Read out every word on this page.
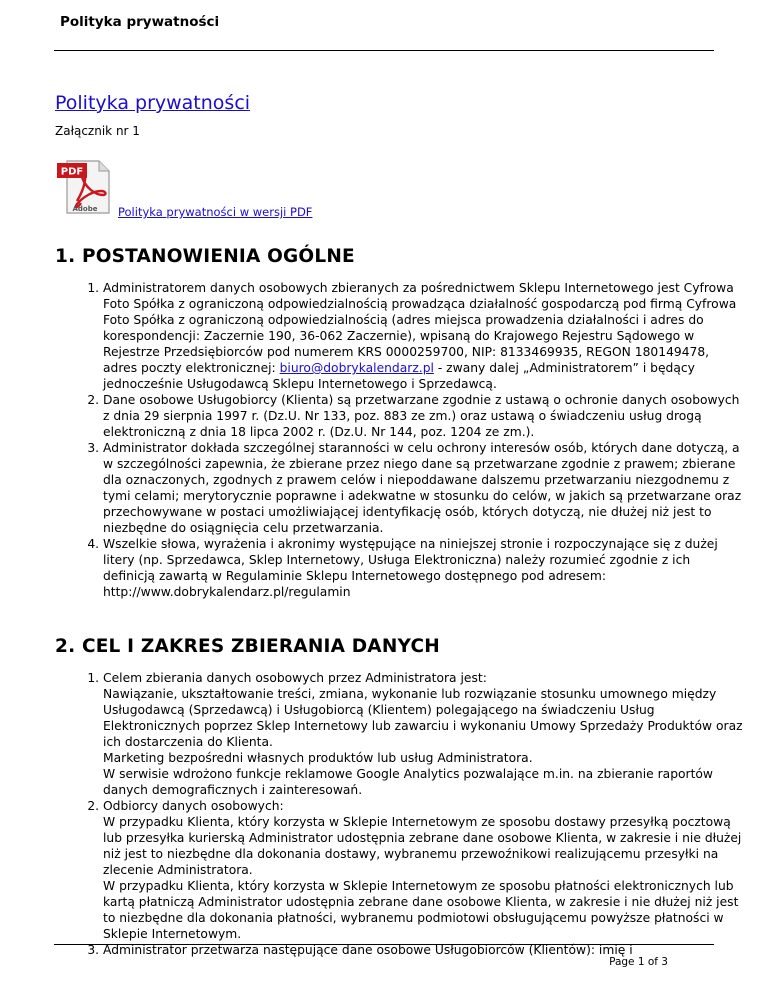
Polityka prywatności
Polityka prywatności
Załącznik nr 1
PDF
Adobe Polityka prywatności w wersji PDF
1. POSTANOWIENIA OGÓLNE
1. Administratorem danych osobowych zbieranych za pośrednictwem Sklepu Internetowego jest Cyfrowa Foto Spółka z ograniczoną odpowiedzialnością prowadząca działalność gospodarczą pod firmą Cyfrowa Foto Spółka z ograniczoną odpowiedzialnością (adres miejsca prowadzenia działalności i adres do korespondencji: Zaczernie 190, 36-062 Zaczernie), wpisaną do Krajowego Rejestru Sądowego w Rejestrze Przedsiębiorców pod numerem KRS 0000259700, NIP: 8133469935, REGON 180149478, adres poczty elektronicznej: biuro@dobrykalendarz.pl - zwany dalej „Administratorem” i będący jednocześnie Usługodawcą Sklepu Internetowego i Sprzedawcą.
2. Dane osobowe Usługobiorcy (Klienta) są przetwarzane zgodnie z ustawą o ochronie danych osobowych z dnia 29 sierpnia 1997 r. (Dz.U. Nr 133, poz. 883 ze zm.) oraz ustawą o świadczeniu usług drogą elektroniczną z dnia 18 lipca 2002 r. (Dz.U. Nr 144, poz. 1204 ze zm.).
3. Administrator dokłada szczególnej staranności w celu ochrony interesów osób, których dane dotyczą, a w szczególności zapewnia, że zbierane przez niego dane są przetwarzane zgodnie z prawem; zbierane dla oznaczonych, zgodnych z prawem celów i niepoddawane dalszemu przetwarzaniu niezgodnemu z tymi celami; merytorycznie poprawne i adekwatne w stosunku do celów, w jakich są przetwarzane oraz przechowywane w postaci umożliwiającej identyfikację osób, których dotyczą, nie dłużej niż jest to niezbędne do osiągnięcia celu przetwarzania.
4. Wszelkie słowa, wyrażenia i akronimy występujące na niniejszej stronie i rozpoczynające się z dużej litery (np. Sprzedawca, Sklep Internetowy, Usługa Elektroniczna) należy rozumieć zgodnie z ich definicją zawartą w Regulaminie Sklepu Internetowego dostępnego pod adresem: http://www.dobrykalendarz.pl/regulamin
2. CEL I ZAKRES ZBIERANIA DANYCH
1. Celem zbierania danych osobowych przez Administratora jest:
Nawiązanie, ukształtowanie treści, zmiana, wykonanie lub rozwiązanie stosunku umownego między Usługodawcą (Sprzedawcą) i Usługobiorcą (Klientem) polegającego na świadczeniu Usług Elektronicznych poprzez Sklep Internetowy lub zawarciu i wykonaniu Umowy Sprzedaży Produktów oraz ich dostarczenia do Klienta.
Marketing bezpośredni własnych produktów lub usług Administratora.
W serwisie wdrożono funkcje reklamowe Google Analytics pozwalające m.in. na zbieranie raportów danych demograficznych i zainteresowań.
2. Odbiorcy danych osobowych:
W przypadku Klienta, który korzysta w Sklepie Internetowym ze sposobu dostawy przesyłką pocztową lub przesyłka kurierską Administrator udostępnia zebrane dane osobowe Klienta, w zakresie i nie dłużej niż jest to niezbędne dla dokonania dostawy, wybranemu przewoźnikowi realizującemu przesyłki na zlecenie Administratora.
W przypadku Klienta, który korzysta w Sklepie Internetowym ze sposobu płatności elektronicznych lub kartą płatniczą Administrator udostępnia zebrane dane osobowe Klienta, w zakresie i nie dłużej niż jest to niezbędne dla dokonania płatności, wybranemu podmiotowi obsługującemu powyższe płatności w Sklepie Internetowym.
3. Administrator przetwarza następujące dane osobowe Usługobiorców (Klientów): imię i
Page 1 of 3
